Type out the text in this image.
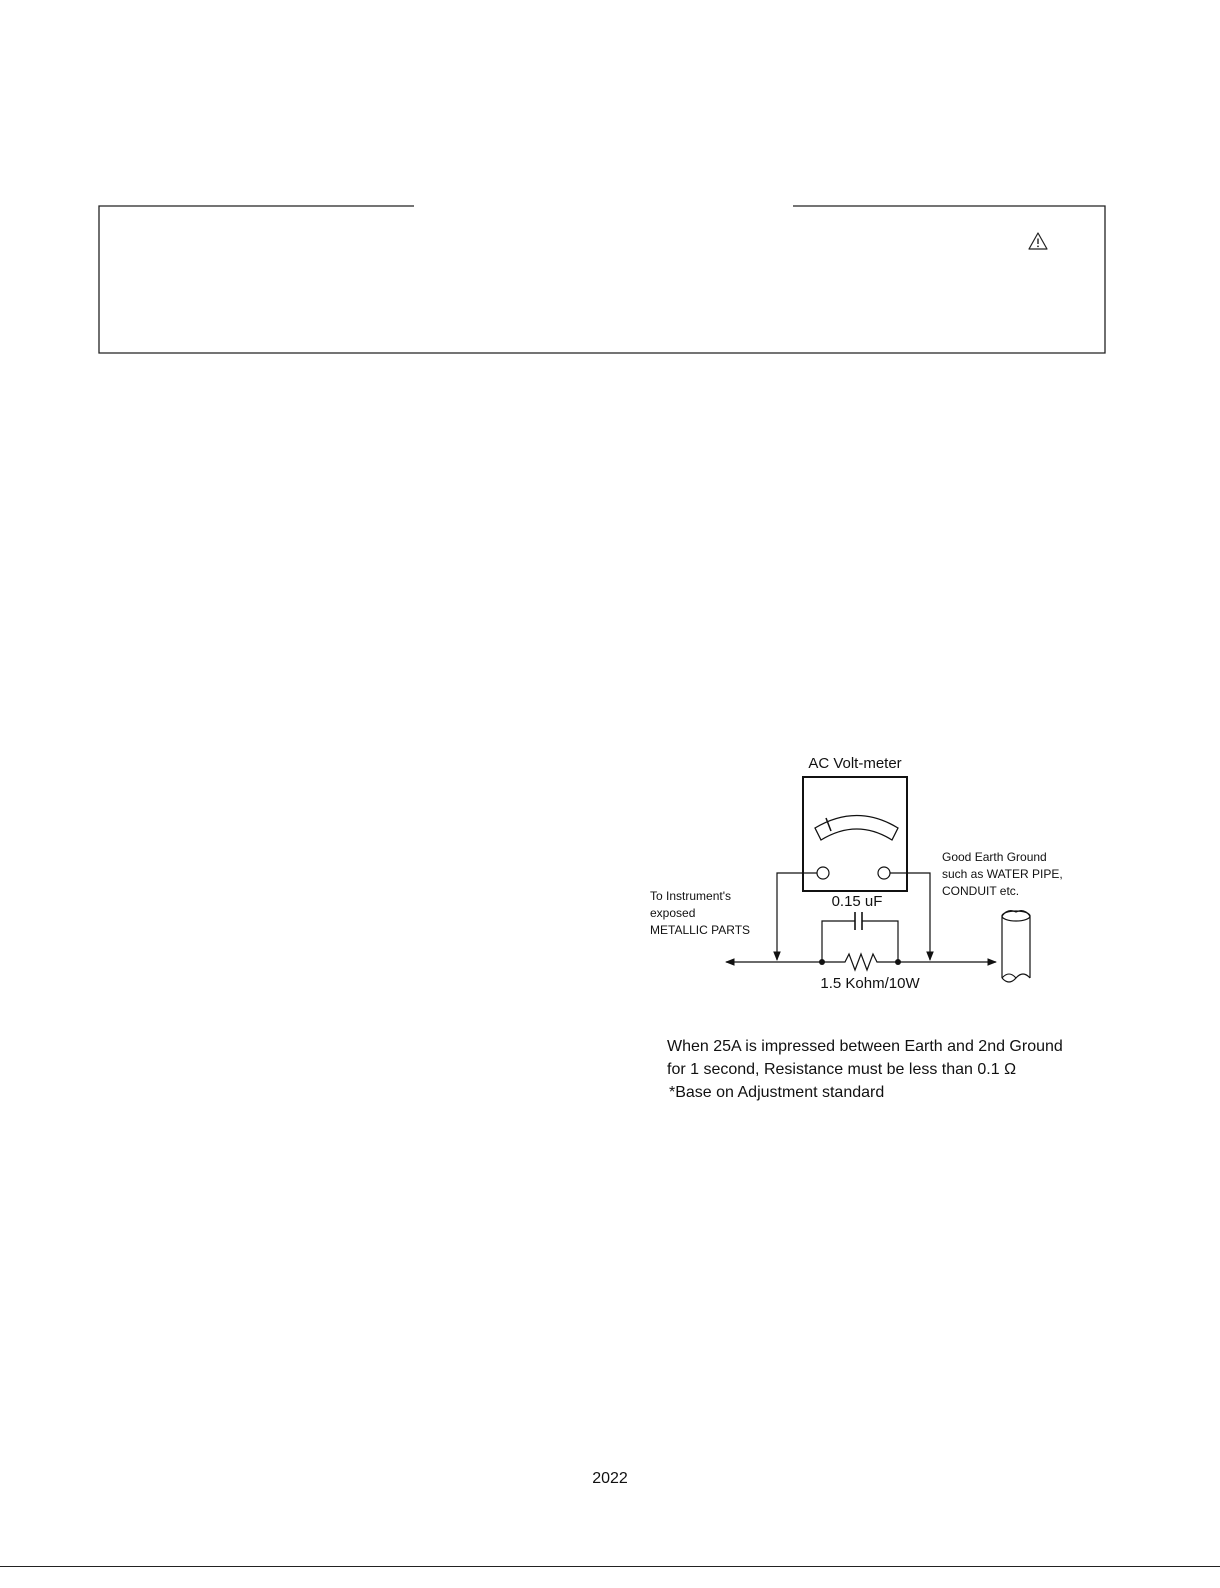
AC Volt-meter
0.15 uF
1.5 Kohm/10W
To Instrument's exposed METALLIC PARTS
Good Earth Ground such as WATER PIPE, CONDUIT etc.
When 25A is impressed between Earth and 2nd Ground for 1 second, Resistance must be less than 0.1 Ω *Base on Adjustment standard
2022
